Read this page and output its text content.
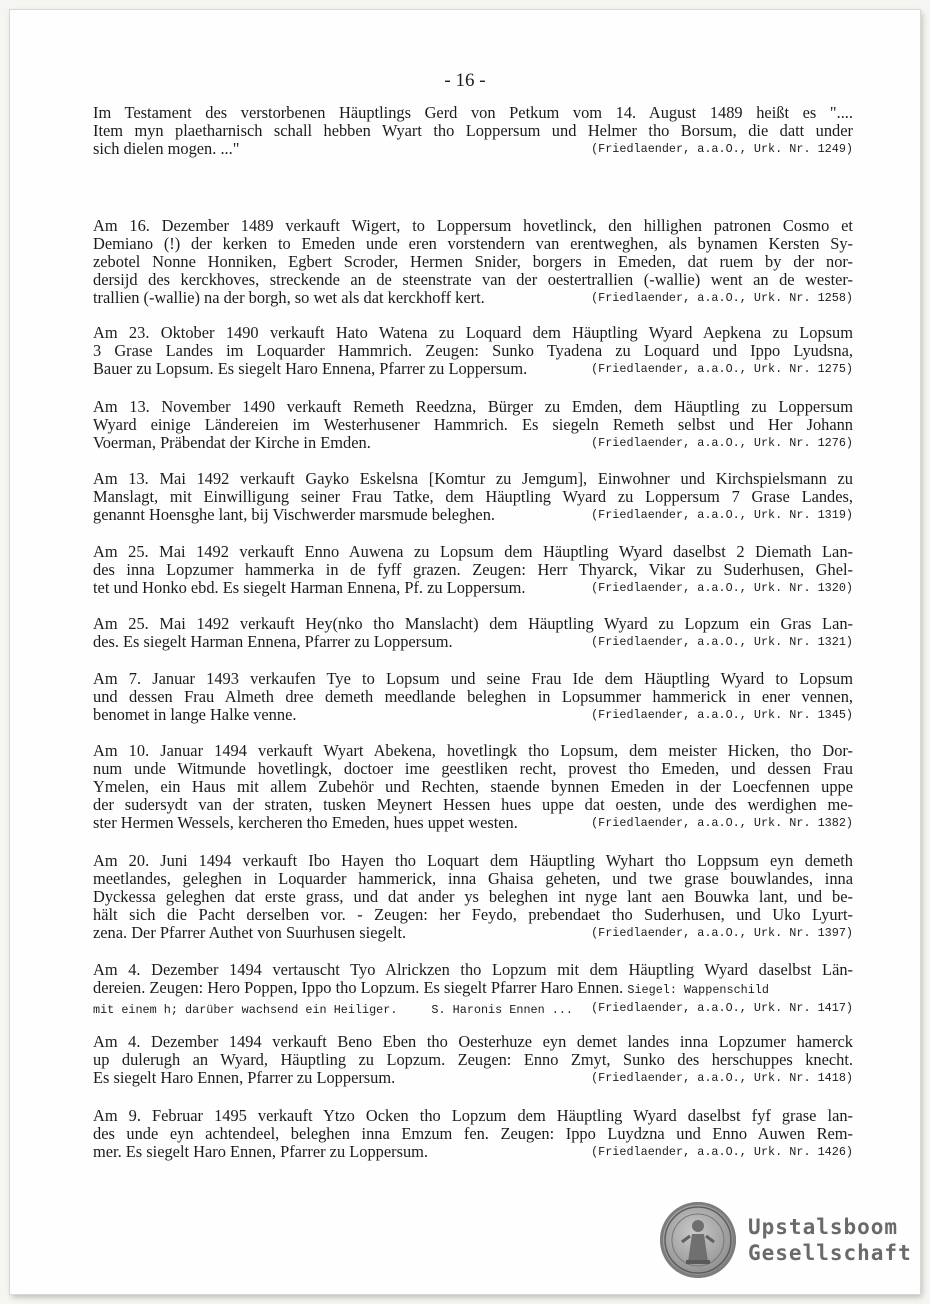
- 16 -
Im Testament des verstorbenen Häuptlings Gerd von Petkum vom 14. August 1489 heißt es "....
Item myn plaetharnisch schall hebben Wyart tho Loppersum und Helmer tho Borsum, die datt under
sich dielen mogen. ..."	(Friedlaender, a.a.O., Urk. Nr. 1249)
Am 16. Dezember 1489 verkauft Wigert, to Loppersum hovetlinck, den hillighen patronen Cosmo et
Demiano (!) der kerken to Emeden unde eren vorstendern van erentweghen, als bynamen Kersten Sy-
zebotel Nonne Honniken, Egbert Scroder, Hermen Snider, borgers in Emeden, dat ruem by der nor-
dersijd des kerckhoves, streckende an de steenstrate van der oestertrallien (-wallie) went an de wester-
trallien (-wallie) na der borgh, so wet als dat kerckhoff kert.	(Friedlaender, a.a.O., Urk. Nr. 1258)
Am 23. Oktober 1490 verkauft Hato Watena zu Loquard dem Häuptling Wyard Aepkena zu Lopsum
3 Grase Landes im Loquarder Hammrich. Zeugen: Sunko Tyadena zu Loquard und Ippo Lyudsna,
Bauer zu Lopsum. Es siegelt Haro Ennena, Pfarrer zu Loppersum.	(Friedlaender, a.a.O., Urk. Nr. 1275)
Am 13. November 1490 verkauft Remeth Reedzna, Bürger zu Emden, dem Häuptling zu Loppersum
Wyard einige Ländereien im Westerhusener Hammrich. Es siegeln Remeth selbst und Her Johann
Voerman, Präbendat der Kirche in Emden.	(Friedlaender, a.a.O., Urk. Nr. 1276)
Am 13. Mai 1492 verkauft Gayko Eskelsna [Komtur zu Jemgum], Einwohner und Kirchspielsmann zu
Manslagt, mit Einwilligung seiner Frau Tatke, dem Häuptling Wyard zu Loppersum 7 Grase Landes,
genannt Hoensghe lant, bij Vischwerder marsmude beleghen.	(Friedlaender, a.a.O., Urk. Nr. 1319)
Am 25. Mai 1492 verkauft Enno Auwena zu Lopsum dem Häuptling Wyard daselbst 2 Diemath Lan-
des inna Lopzumer hammerka in de fyff grazen. Zeugen: Herr Thyarck, Vikar zu Suderhusen, Ghel-
tet und Honko ebd. Es siegelt Harman Ennena, Pf. zu Loppersum.	(Friedlaender, a.a.O., Urk. Nr. 1320)
Am 25. Mai 1492 verkauft Hey(nko tho Manslacht) dem Häuptling Wyard zu Lopzum ein Gras Lan-
des. Es siegelt Harman Ennena, Pfarrer zu Loppersum.	(Friedlaender, a.a.O., Urk. Nr. 1321)
Am 7. Januar 1493 verkaufen Tye to Lopsum und seine Frau Ide dem Häuptling Wyard to Lopsum
und dessen Frau Almeth dree demeth meedlande beleghen in Lopsummer hammerick in ener vennen,
benomet in lange Halke venne.	(Friedlaender, a.a.O., Urk. Nr. 1345)
Am 10. Januar 1494 verkauft Wyart Abekena, hovetlingk tho Lopsum, dem meister Hicken, tho Dor-
num unde Witmunde hovetlingk, doctoer ime geestliken recht, provest tho Emeden, und dessen Frau
Ymelen, ein Haus mit allem Zubehör und Rechten, staende bynnen Emeden in der Loecfennen uppe
der sudersydt van der straten, tusken Meynert Hessen hues uppe dat oesten, unde des werdighen me-
ster Hermen Wessels, kercheren tho Emeden, hues uppet westen.	(Friedlaender, a.a.O., Urk. Nr. 1382)
Am 20. Juni 1494 verkauft Ibo Hayen tho Loquart dem Häuptling Wyhart tho Loppsum eyn demeth
meetlandes, geleghen in Loquarder hammerick, inna Ghaisa geheten, und twe grase bouwlandes, inna
Dyckessa geleghen dat erste grass, und dat ander ys beleghen int nyge lant aen Bouwka lant, und be-
hält sich die Pacht derselben vor. - Zeugen: her Feydo, prebendaet tho Suderhusen, und Uko Lyurt-
zena. Der Pfarrer Authet von Suurhusen siegelt.	(Friedlaender, a.a.O., Urk. Nr. 1397)
Am 4. Dezember 1494 vertauscht Tyo Alrickzen tho Lopzum mit dem Häuptling Wyard daselbst Län-
dereien. Zeugen: Hero Poppen, Ippo tho Lopzum. Es siegelt Pfarrer Haro Ennen. Siegel: Wappenschild
mit einem h; darüber wachsend ein Heiliger.	S. Haronis Ennen ... (Friedlaender, a.a.O., Urk. Nr. 1417)
Am 4. Dezember 1494 verkauft Beno Eben tho Oesterhuze eyn demet landes inna Lopzumer hamerck
up dulerugh an Wyard, Häuptling zu Lopzum. Zeugen: Enno Zmyt, Sunko des herschuppes knecht.
Es siegelt Haro Ennen, Pfarrer zu Loppersum.	(Friedlaender, a.a.O., Urk. Nr. 1418)
Am 9. Februar 1495 verkauft Ytzo Ocken tho Lopzum dem Häuptling Wyard daselbst fyf grase lan-
des unde eyn achtendeel, beleghen inna Emzum fen. Zeugen: Ippo Luydzna und Enno Auwen Rem-
mer. Es siegelt Haro Ennen, Pfarrer zu Loppersum.	(Friedlaender, a.a.O., Urk. Nr. 1426)
Upstalsboom
Gesellschaft
